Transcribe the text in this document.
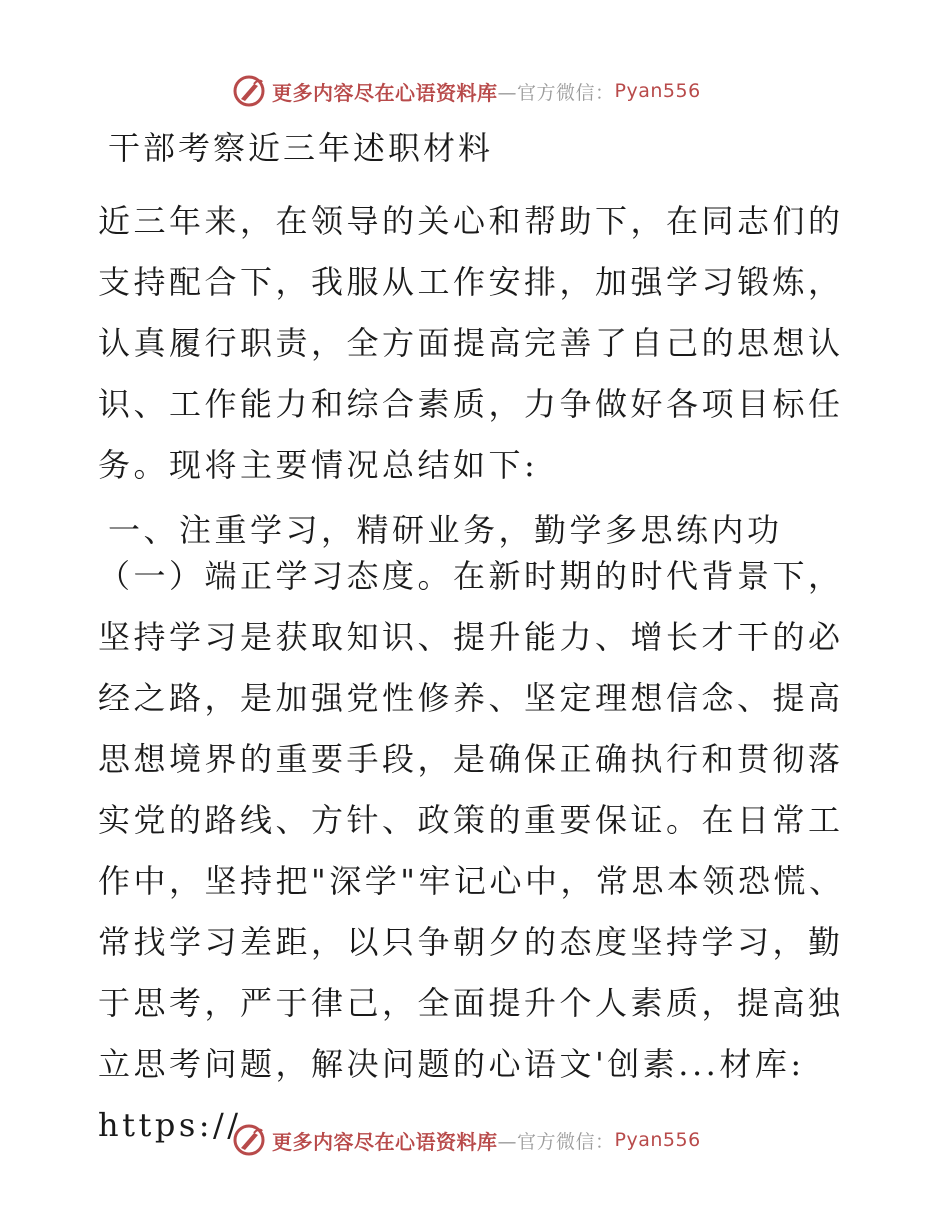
更多内容尽在心语资料库 —官方微信： Pyan556
干部考察近三年述职材料

近三年来，在领导的关心和帮助下，在同志们的支持配合下，我服从工作安排，加强学习锻炼，认真履行职责，全方面提高完善了自己的思想认识、工作能力和综合素质，力争做好各项目标任务。现将主要情况总结如下:

一、注重学习，精研业务，勤学多思练内功

（一）端正学习态度。在新时期的时代背景下，坚持学习是获取知识、提升能力、增长才干的必经之路，是加强党性修养、坚定理想信念、提高思想境界的重要手段，是确保正确执行和贯彻落实党的路线、方针、政策的重要保证。在日常工作中，坚持把"深学"牢记心中，常思本领恐慌、常找学习差距，以只争朝夕的态度坚持学习，勤于思考，严于律己，全面提升个人素质，提高独立思考问题，解决问题的心语文'创素...材库: https://	更多内容尽在心语资料库 —官方微信： Pyan556
